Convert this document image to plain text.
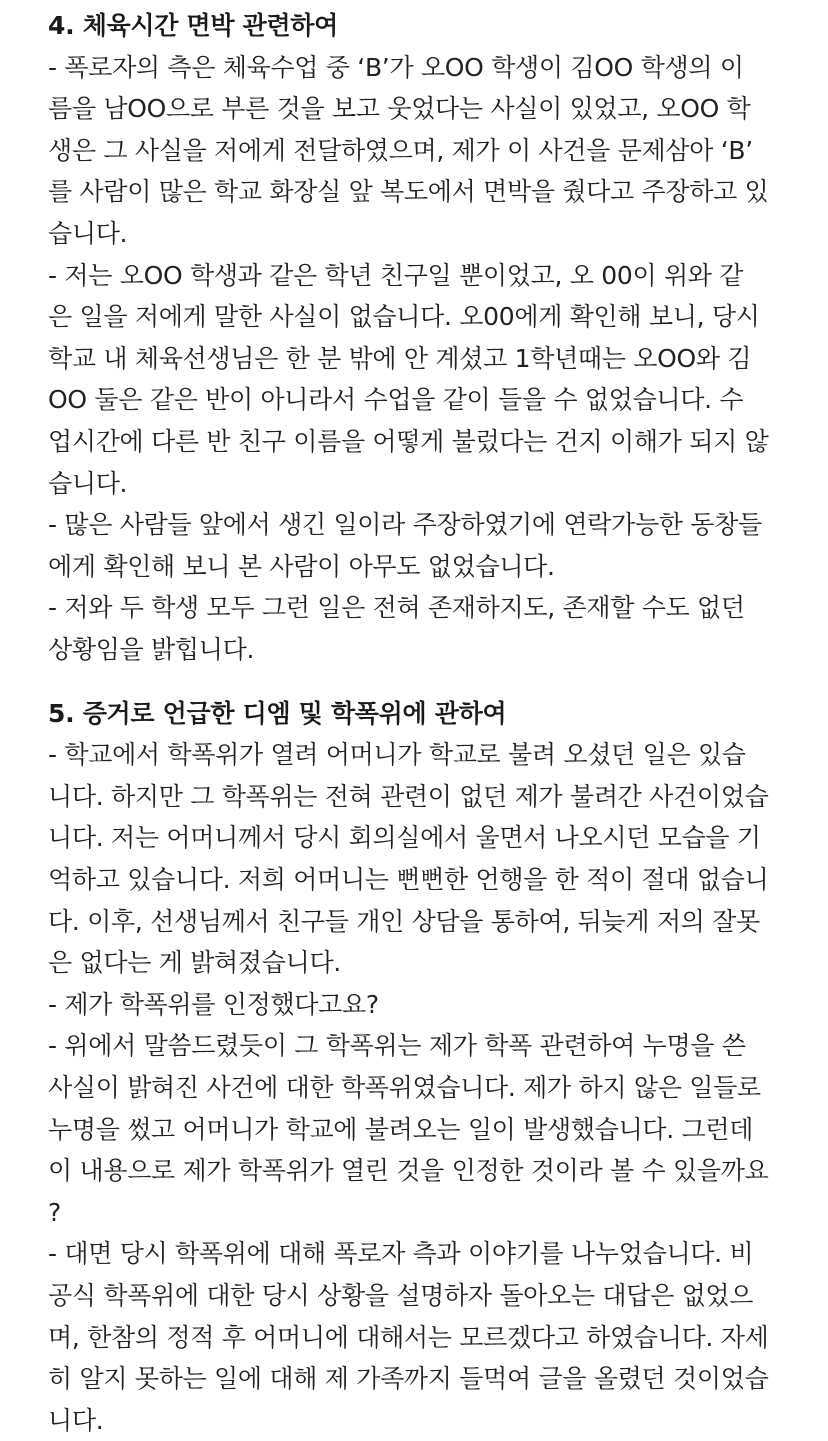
4. 체육시간 면박 관련하여
- 폭로자의 측은 체육수업 중 ‘B’가 오OO 학생이 김OO 학생의 이
름을 남OO으로 부른 것을 보고 웃었다는 사실이 있었고, 오OO 학
생은 그 사실을 저에게 전달하였으며, 제가 이 사건을 문제삼아 ‘B’
를 사람이 많은 학교 화장실 앞 복도에서 면박을 줬다고 주장하고 있
습니다.
- 저는 오OO 학생과 같은 학년 친구일 뿐이었고, 오 00이 위와 같
은 일을 저에게 말한 사실이 없습니다. 오00에게 확인해 보니, 당시
학교 내 체육선생님은 한 분 밖에 안 계셨고 1학년때는 오OO와 김
OO 둘은 같은 반이 아니라서 수업을 같이 들을 수 없었습니다. 수
업시간에 다른 반 친구 이름을 어떻게 불렀다는 건지 이해가 되지 않
습니다.
- 많은 사람들 앞에서 생긴 일이라 주장하였기에 연락가능한 동창들
에게 확인해 보니 본 사람이 아무도 없었습니다.
- 저와 두 학생 모두 그런 일은 전혀 존재하지도, 존재할 수도 없던
상황임을 밝힙니다.
5. 증거로 언급한 디엠 및 학폭위에 관하여
- 학교에서 학폭위가 열려 어머니가 학교로 불려 오셨던 일은 있습
니다. 하지만 그 학폭위는 전혀 관련이 없던 제가 불려간 사건이었습
니다. 저는 어머니께서 당시 회의실에서 울면서 나오시던 모습을 기
억하고 있습니다. 저희 어머니는 뻔뻔한 언행을 한 적이 절대 없습니
다. 이후, 선생님께서 친구들 개인 상담을 통하여, 뒤늦게 저의 잘못
은 없다는 게 밝혀졌습니다.
- 제가 학폭위를 인정했다고요?
- 위에서 말씀드렸듯이 그 학폭위는 제가 학폭 관련하여 누명을 쓴
사실이 밝혀진 사건에 대한 학폭위였습니다. 제가 하지 않은 일들로
누명을 썼고 어머니가 학교에 불려오는 일이 발생했습니다. 그런데
이 내용으로 제가 학폭위가 열린 것을 인정한 것이라 볼 수 있을까요
?
- 대면 당시 학폭위에 대해 폭로자 측과 이야기를 나누었습니다. 비
공식 학폭위에 대한 당시 상황을 설명하자 돌아오는 대답은 없었으
며, 한참의 정적 후 어머니에 대해서는 모르겠다고 하였습니다. 자세
히 알지 못하는 일에 대해 제 가족까지 들먹여 글을 올렸던 것이었습
니다.
